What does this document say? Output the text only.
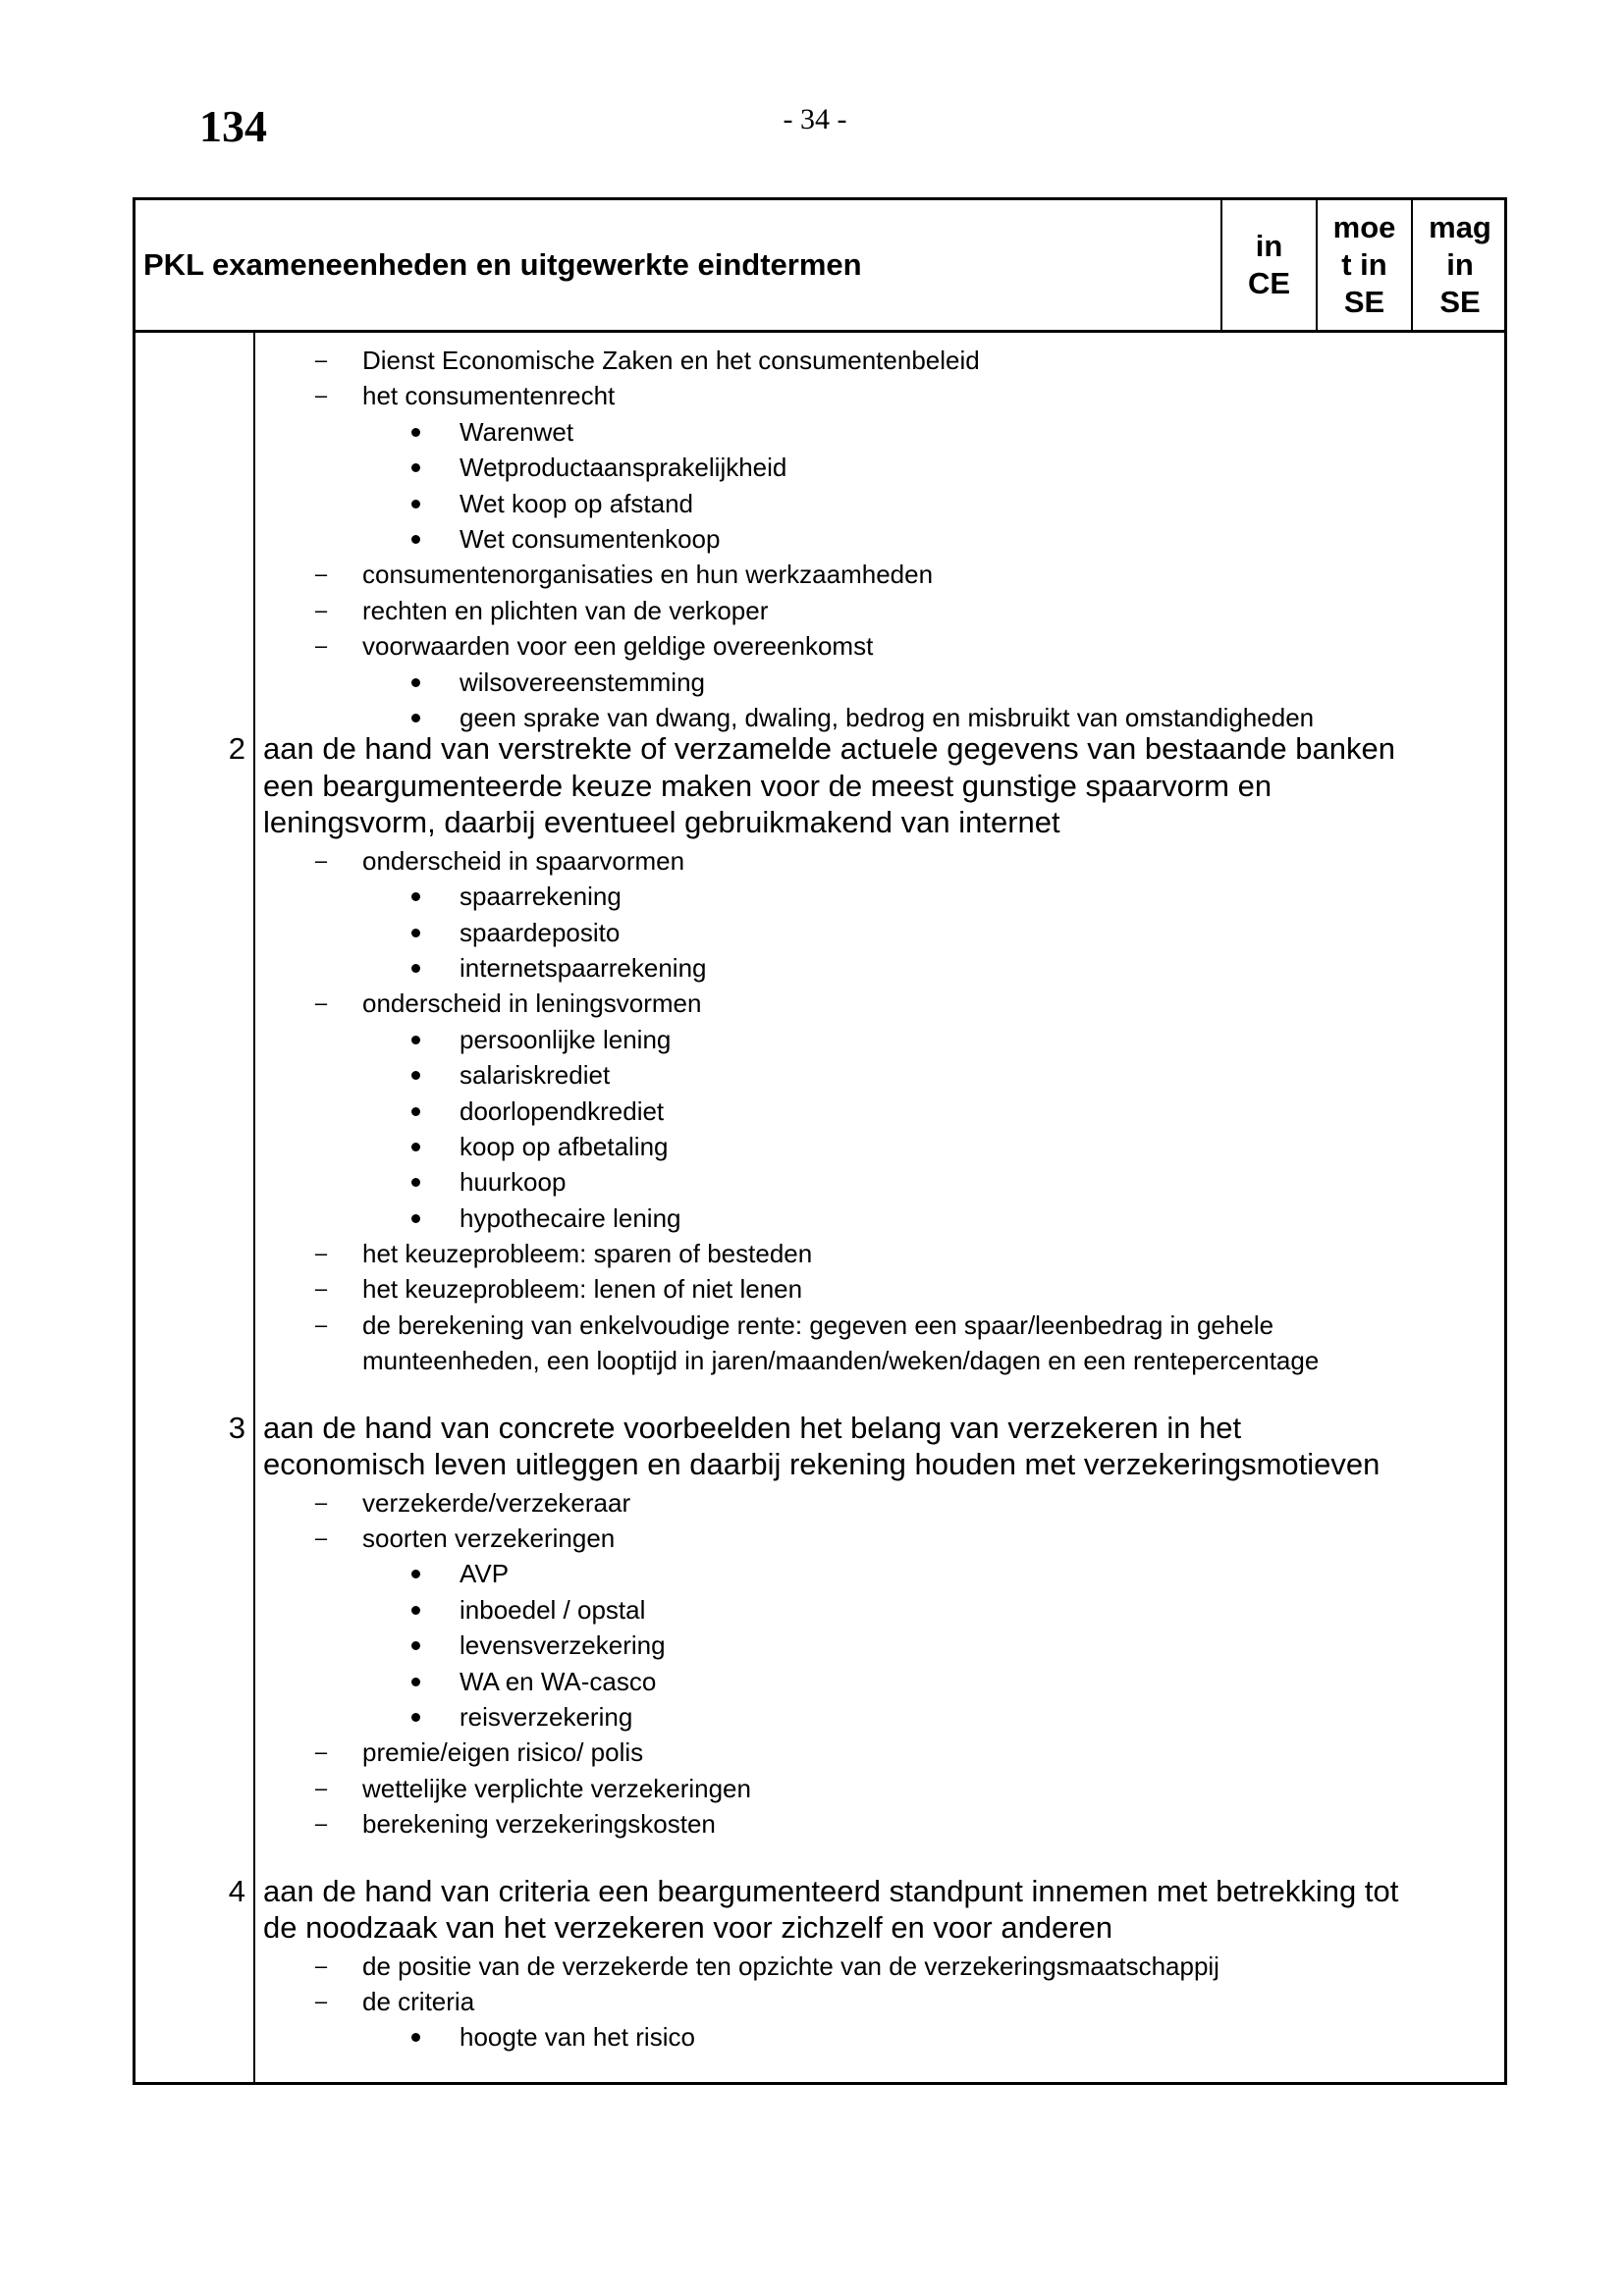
134	- 34 -
PKL exameneenheden en uitgewerkte eindtermen
in
CE
moe
t in
SE
mag
in
SE
– Dienst Economische Zaken en het consumentenbeleid
– het consumentenrecht
Warenwet
Wetproductaansprakelijkheid
Wet koop op afstand
Wet consumentenkoop
– consumentenorganisaties en hun werkzaamheden
– rechten en plichten van de verkoper
– voorwaarden voor een geldige overeenkomst
wilsovereenstemming
geen sprake van dwang, dwaling, bedrog en misbruikt van omstandigheden
2 aan de hand van verstrekte of verzamelde actuele gegevens van bestaande banken
een beargumenteerde keuze maken voor de meest gunstige spaarvorm en
leningsvorm, daarbij eventueel gebruikmakend van internet
– onderscheid in spaarvormen
spaarrekening
spaardeposito
internetspaarrekening
– onderscheid in leningsvormen
persoonlijke lening
salariskrediet
doorlopendkrediet
koop op afbetaling
huurkoop
hypothecaire lening
– het keuzeprobleem: sparen of besteden
– het keuzeprobleem: lenen of niet lenen
– de berekening van enkelvoudige rente: gegeven een spaar/leenbedrag in gehele
munteenheden, een looptijd in jaren/maanden/weken/dagen en een rentepercentage
3 aan de hand van concrete voorbeelden het belang van verzekeren in het
economisch leven uitleggen en daarbij rekening houden met verzekeringsmotieven
– verzekerde/verzekeraar
– soorten verzekeringen
AVP
inboedel / opstal
levensverzekering
WA en WA-casco
reisverzekering
– premie/eigen risico/ polis
– wettelijke verplichte verzekeringen
– berekening verzekeringskosten
4 aan de hand van criteria een beargumenteerd standpunt innemen met betrekking tot
de noodzaak van het verzekeren voor zichzelf en voor anderen
– de positie van de verzekerde ten opzichte van de verzekeringsmaatschappij
– de criteria
hoogte van het risico
